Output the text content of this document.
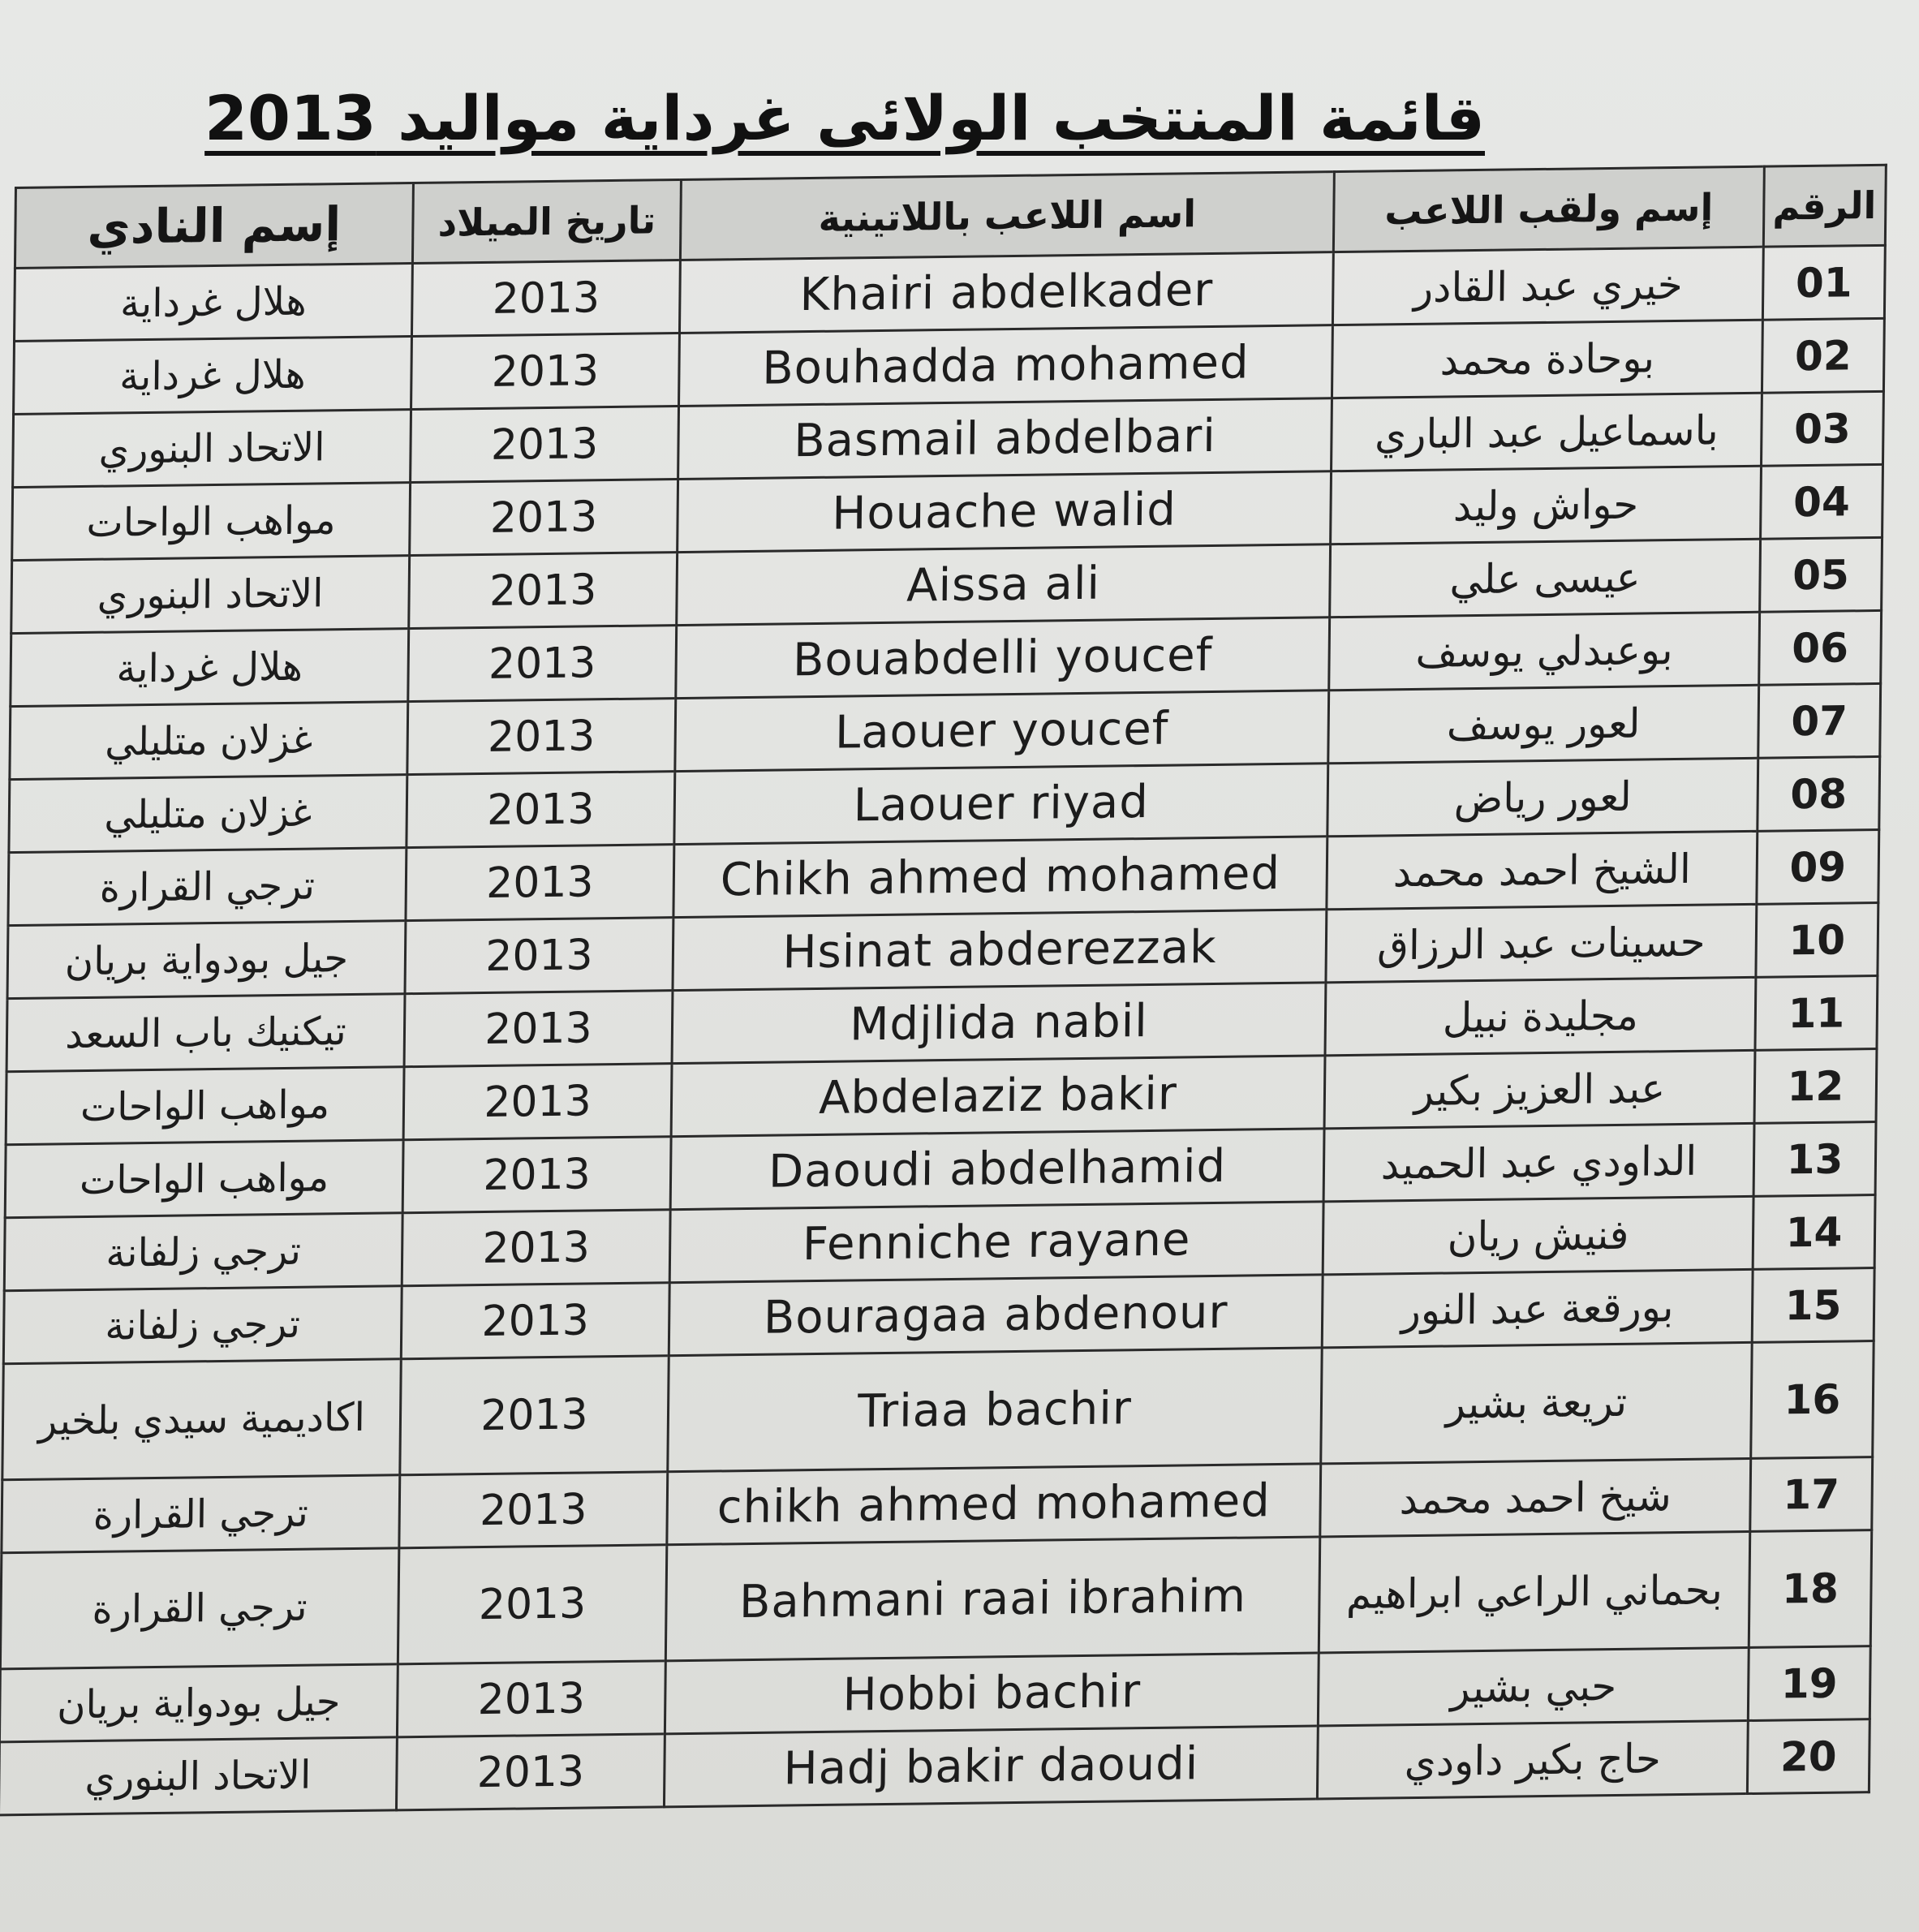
قائمة المنتخب الولائى غرداية مواليد 2013
الرقم	إسم ولقب اللاعب	اسم اللاعب باللاتينية	تاريخ الميلاد	إسم النادي
01	خيري عبد القادر	Khairi abdelkader	2013	هلال غرداية
02	بوحادة محمد	Bouhadda mohamed	2013	هلال غرداية
03	باسماعيل عبد الباري	Basmail abdelbari	2013	الاتحاد البنوري
04	حواش وليد	Houache walid	2013	مواهب الواحات
05	عيسى علي	Aissa ali	2013	الاتحاد البنوري
06	بوعبدلي يوسف	Bouabdelli youcef	2013	هلال غرداية
07	لعور يوسف	Laouer youcef	2013	غزلان متليلي
08	لعور رياض	Laouer riyad	2013	غزلان متليلي
09	الشيخ احمد محمد	Chikh ahmed mohamed	2013	ترجي القرارة
10	حسينات عبد الرزاق	Hsinat abderezzak	2013	جيل بودواية بريان
11	مجليدة نبيل	Mdjlida nabil	2013	تيكنيك باب السعد
12	عبد العزيز بكير	Abdelaziz bakir	2013	مواهب الواحات
13	الداودي عبد الحميد	Daoudi abdelhamid	2013	مواهب الواحات
14	فنيش ريان	Fenniche rayane	2013	ترجي زلفانة
15	بورقعة عبد النور	Bouragaa abdenour	2013	ترجي زلفانة
16	تريعة بشير	Triaa bachir	2013	اكاديمية سيدي بلخير
17	شيخ احمد محمد	chikh ahmed mohamed	2013	ترجي القرارة
18	بحماني الراعي ابراهيم	Bahmani raai ibrahim	2013	ترجي القرارة
19	حبي بشير	Hobbi bachir	2013	جيل بودواية بريان
20	حاج بكير داودي	Hadj bakir daoudi	2013	الاتحاد البنوري
